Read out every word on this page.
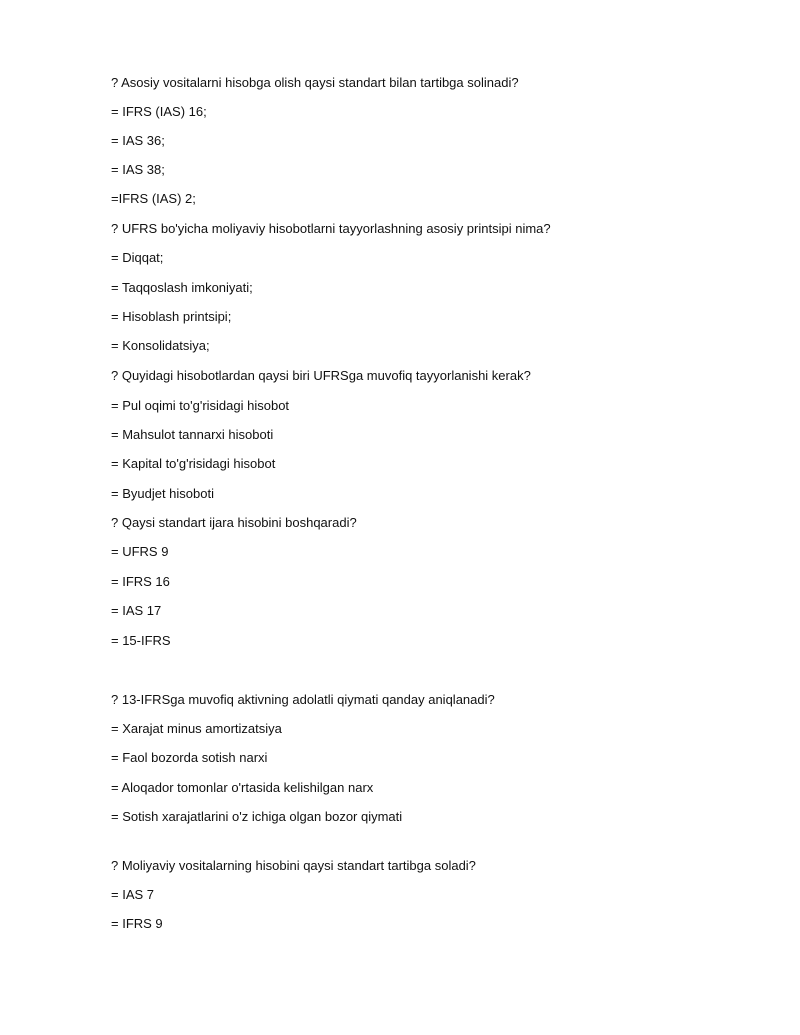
? Asosiy vositalarni hisobga olish qaysi standart bilan tartibga solinadi?
= IFRS (IAS) 16;
= IAS 36;
= IAS 38;
=IFRS (IAS) 2;
? UFRS bo'yicha moliyaviy hisobotlarni tayyorlashning asosiy printsipi nima?
= Diqqat;
= Taqqoslash imkoniyati;
= Hisoblash printsipi;
= Konsolidatsiya;
? Quyidagi hisobotlardan qaysi biri UFRSga muvofiq tayyorlanishi kerak?
= Pul oqimi to'g'risidagi hisobot
= Mahsulot tannarxi hisoboti
= Kapital to'g'risidagi hisobot
= Byudjet hisoboti
? Qaysi standart ijara hisobini boshqaradi?
= UFRS 9
= IFRS 16
= IAS 17
= 15-IFRS
? 13-IFRSga muvofiq aktivning adolatli qiymati qanday aniqlanadi?
= Xarajat minus amortizatsiya
= Faol bozorda sotish narxi
= Aloqador tomonlar o'rtasida kelishilgan narx
= Sotish xarajatlarini o'z ichiga olgan bozor qiymati
? Moliyaviy vositalarning hisobini qaysi standart tartibga soladi?
= IAS 7
= IFRS 9
